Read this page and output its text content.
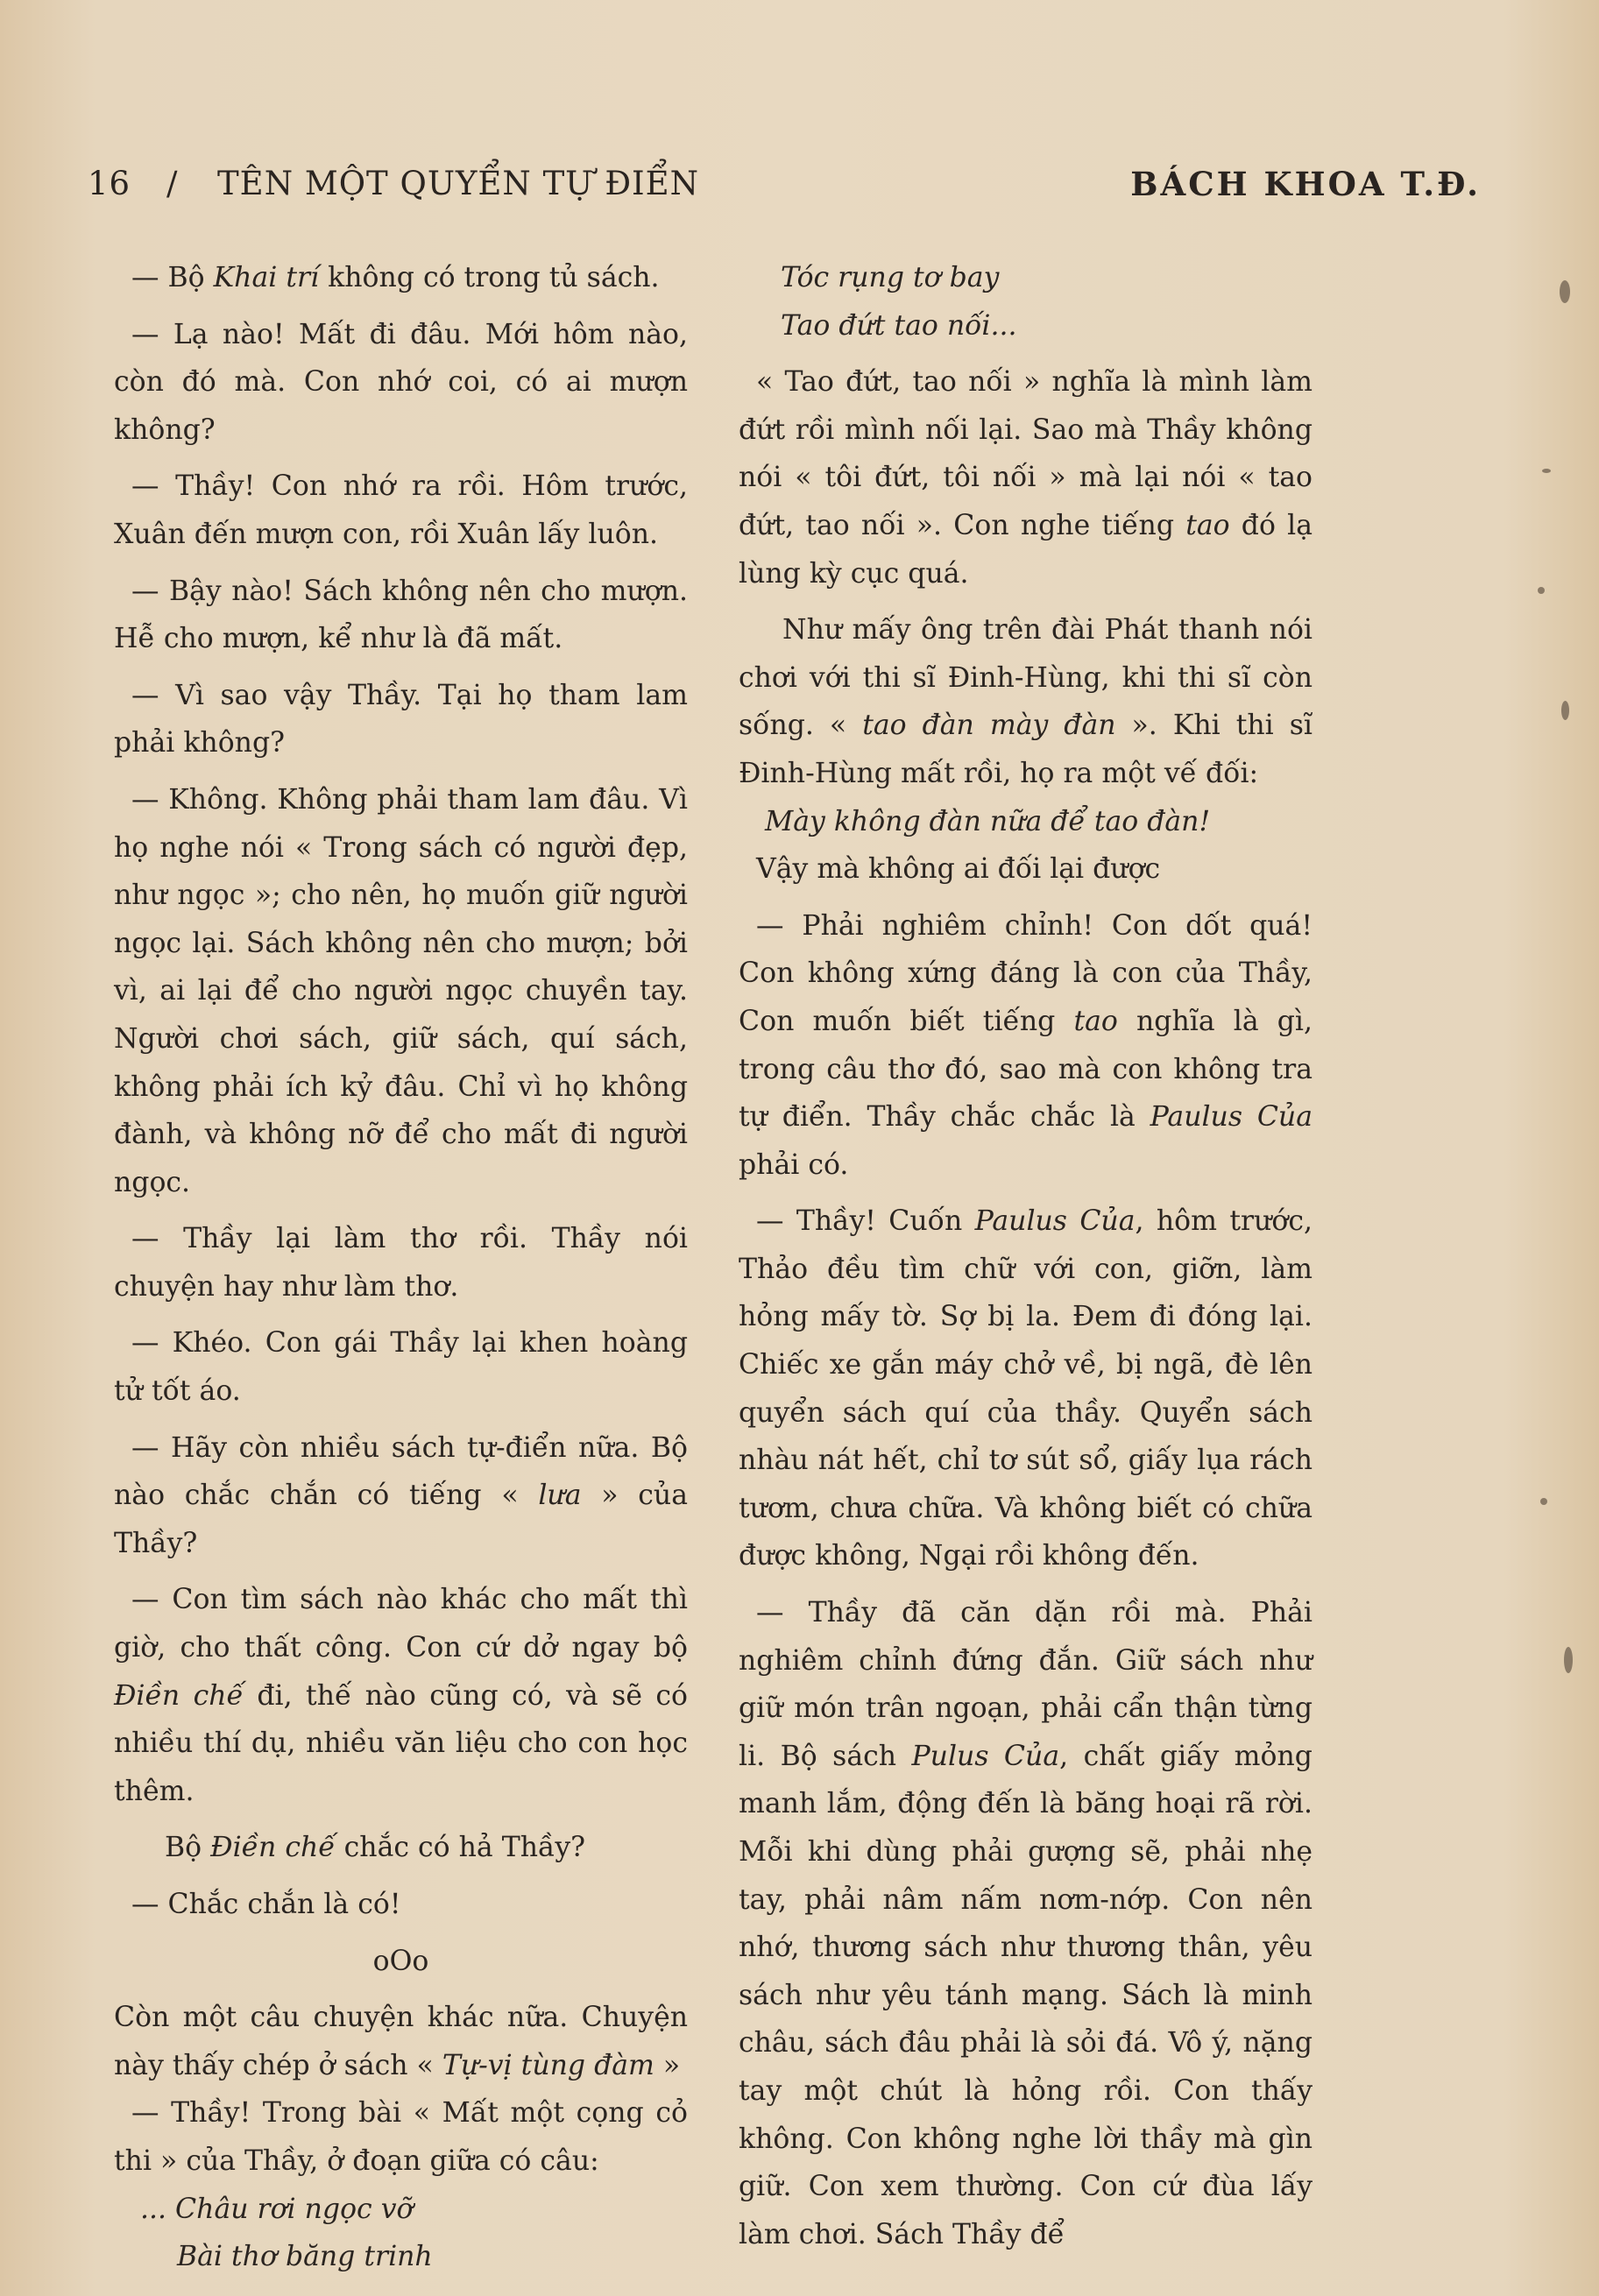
16 / TÊN MỘT QUYỂN TỰ ĐIỂN	BÁCH KHOA T.Đ.

— Bộ Khai trí không có trong tủ sách.

— Lạ nào! Mất đi đâu. Mới hôm nào, còn đó mà. Con nhớ coi, có ai mượn không?

— Thầy! Con nhớ ra rồi. Hôm trước, Xuân đến mượn con, rồi Xuân lấy luôn.

— Bậy nào! Sách không nên cho mượn. Hễ cho mượn, kể như là đã mất.

— Vì sao vậy Thầy. Tại họ tham lam phải không?

— Không. Không phải tham lam đâu. Vì họ nghe nói « Trong sách có người đẹp, như ngọc »; cho nên, họ muốn giữ người ngọc lại. Sách không nên cho mượn; bởi vì, ai lại để cho người ngọc chuyền tay. Người chơi sách, giữ sách, quí sách, không phải ích kỷ đâu. Chỉ vì họ không đành, và không nỡ để cho mất đi người ngọc.

— Thầy lại làm thơ rồi. Thầy nói chuyện hay như làm thơ.

— Khéo. Con gái Thầy lại khen hoàng tử tốt áo.

— Hãy còn nhiều sách tự-điển nữa. Bộ nào chắc chắn có tiếng « lưa » của Thầy?

— Con tìm sách nào khác cho mất thì giờ, cho thất công. Con cứ dở ngay bộ Điền chế đi, thế nào cũng có, và sẽ có nhiều thí dụ, nhiều văn liệu cho con học thêm.

Bộ Điền chế chắc có hả Thầy?

— Chắc chắn là có!

oOo

Còn một câu chuyện khác nữa. Chuyện này thấy chép ở sách « Tự-vị tùng đàm »

— Thầy! Trong bài « Mất một cọng cỏ thi » của Thầy, ở đoạn giữa có câu:

... Châu rơi ngọc vỡ

Bài thơ băng trinh

Tóc rụng tơ bay

Tao đứt tao nối...

« Tao đứt, tao nối » nghĩa là mình làm đứt rồi mình nối lại. Sao mà Thầy không nói « tôi đứt, tôi nối » mà lại nói « tao đứt, tao nối ». Con nghe tiếng tao đó lạ lùng kỳ cục quá.

Như mấy ông trên đài Phát thanh nói chơi với thi sĩ Đinh-Hùng, khi thi sĩ còn sống. « tao đàn mày đàn ». Khi thi sĩ Đinh-Hùng mất rồi, họ ra một vế đối:

Mày không đàn nữa để tao đàn!

Vậy mà không ai đối lại được

— Phải nghiêm chỉnh! Con dốt quá! Con không xứng đáng là con của Thầy, Con muốn biết tiếng tao nghĩa là gì, trong câu thơ đó, sao mà con không tra tự điển. Thầy chắc chắc là Paulus Của phải có.

— Thầy! Cuốn Paulus Của, hôm trước, Thảo đều tìm chữ với con, giỡn, làm hỏng mấy tờ. Sợ bị la. Đem đi đóng lại. Chiếc xe gắn máy chở về, bị ngã, đè lên quyển sách quí của thầy. Quyển sách nhàu nát hết, chỉ tơ sút sổ, giấy lụa rách tươm, chưa chữa. Và không biết có chữa được không, Ngại rồi không đến.

— Thầy đã căn dặn rồi mà. Phải nghiêm chỉnh đứng đắn. Giữ sách như giữ món trân ngoạn, phải cẩn thận từng li. Bộ sách Pulus Của, chất giấy mỏng manh lắm, động đến là băng hoại rã rời. Mỗi khi dùng phải gượng sẽ, phải nhẹ tay, phải nâm nấm nơm-nớp. Con nên nhớ, thương sách như thương thân, yêu sách như yêu tánh mạng. Sách là minh châu, sách đâu phải là sỏi đá. Vô ý, nặng tay một chút là hỏng rồi. Con thấy không. Con không nghe lời thầy mà gìn giữ. Con xem thường. Con cứ đùa lấy làm chơi. Sách Thầy để
